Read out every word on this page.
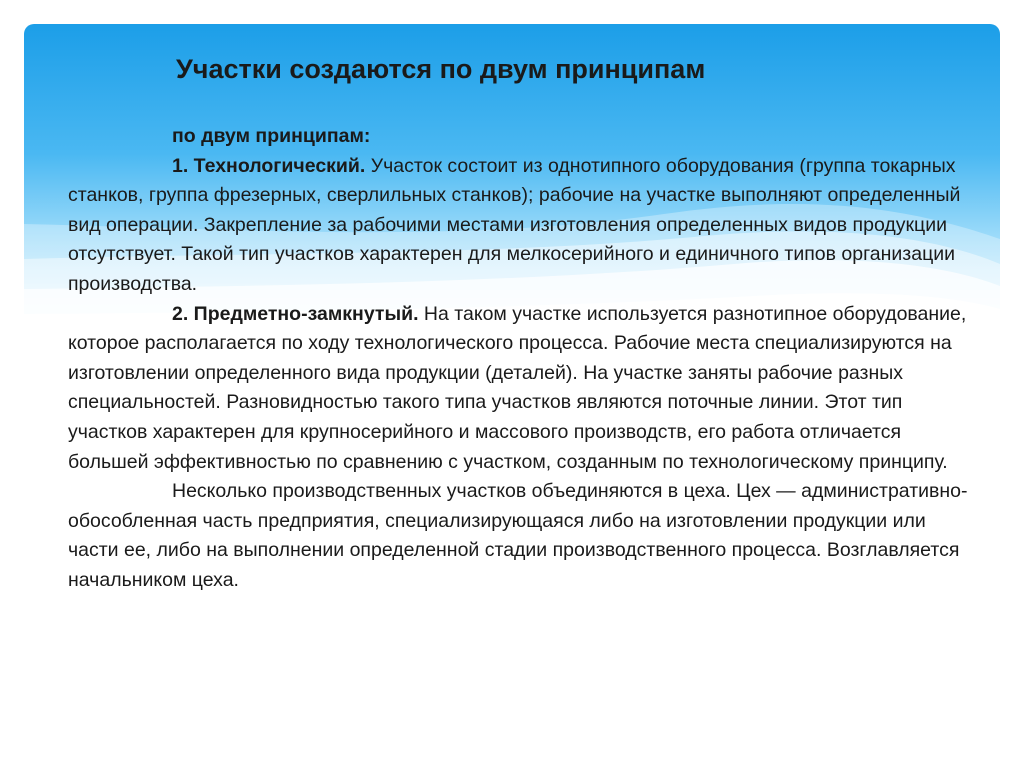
Участки создаются по двум принципам

по двум принципам:

1. Технологический. Участок состоит из однотипного оборудования (группа токарных станков, группа фрезерных, сверлильных станков); рабочие на участке выполняют определенный вид операции. Закрепление за рабочими местами изготовления определенных видов продукции отсутствует. Такой тип участков характерен для мелкосерийного и единичного типов организации производства.

2. Предметно-замкнутый. На таком участке используется разнотипное оборудование, которое располагается по ходу технологического процесса. Рабочие места специализируются на изготовлении определенного вида продукции (деталей). На участке заняты рабочие разных специальностей. Разновидностью такого типа участков являются поточные линии. Этот тип участков характерен для крупносерийного и массового производств, его работа отличается большей эффективностью по сравнению с участком, созданным по технологическому принципу.

Несколько производственных участков объединяются в цеха. Цех — административно-обособленная часть предприятия, специализирующаяся либо на изготовлении продукции или части ее, либо на выполнении определенной стадии производственного процесса. Возглавляется начальником цеха.
